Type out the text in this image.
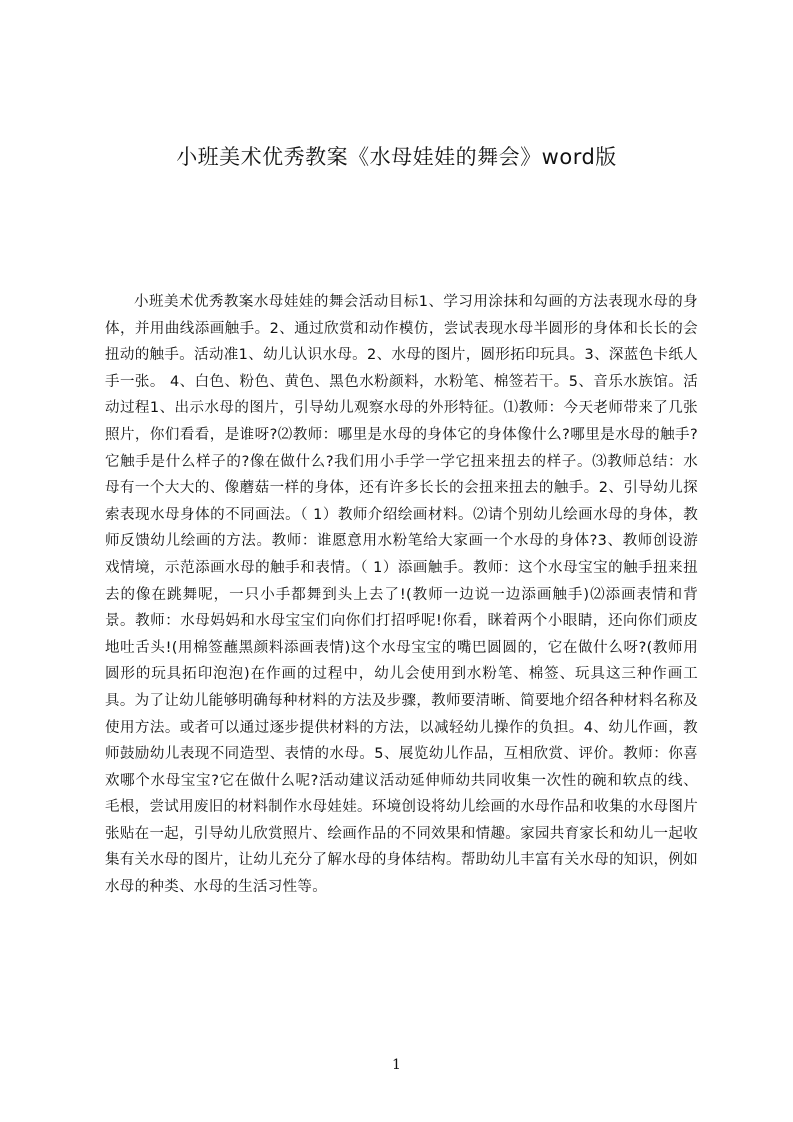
小班美术优秀教案《水母娃娃的舞会》word版

小班美术优秀教案水母娃娃的舞会活动目标1、学习用涂抹和勾画的方法表现水母的身体，并用曲线添画触手。2、通过欣赏和动作模仿，尝试表现水母半圆形的身体和长长的会扭动的触手。活动准1、幼儿认识水母。2、水母的图片，圆形拓印玩具。3、深蓝色卡纸人手一张。 4、白色、粉色、黄色、黑色水粉颜料，水粉笔、棉签若干。5、音乐水族馆。活动过程1、出示水母的图片，引导幼儿观察水母的外形特征。⑴教师：今天老师带来了几张照片，你们看看，是谁呀?⑵教师：哪里是水母的身体它的身体像什么?哪里是水母的触手?它触手是什么样子的?像在做什么?我们用小手学一学它扭来扭去的样子。⑶教师总结：水母有一个大大的、像蘑菇一样的身体，还有许多长长的会扭来扭去的触手。2、引导幼儿探索表现水母身体的不同画法。（ 1）教师介绍绘画材料。⑵请个别幼儿绘画水母的身体，教师反馈幼儿绘画的方法。教师：谁愿意用水粉笔给大家画一个水母的身体?3、教师创设游戏情境，示范添画水母的触手和表情。（ 1）添画触手。教师：这个水母宝宝的触手扭来扭去的像在跳舞呢，一只小手都舞到头上去了!(教师一边说一边添画触手)⑵添画表情和背景。教师：水母妈妈和水母宝宝们向你们打招呼呢!你看，眯着两个小眼睛，还向你们顽皮地吐舌头!(用棉签蘸黑颜料添画表情)这个水母宝宝的嘴巴圆圆的，它在做什么呀?(教师用圆形的玩具拓印泡泡)在作画的过程中，幼儿会使用到水粉笔、棉签、玩具这三种作画工具。为了让幼儿能够明确每种材料的方法及步骤，教师要清晰、简要地介绍各种材料名称及使用方法。或者可以通过逐步提供材料的方法，以减轻幼儿操作的负担。4、幼儿作画，教师鼓励幼儿表现不同造型、表情的水母。5、展览幼儿作品，互相欣赏、评价。教师：你喜欢哪个水母宝宝?它在做什么呢?活动建议活动延伸师幼共同收集一次性的碗和软点的线、毛根，尝试用废旧的材料制作水母娃娃。环境创设将幼儿绘画的水母作品和收集的水母图片张贴在一起，引导幼儿欣赏照片、绘画作品的不同效果和情趣。家园共育家长和幼儿一起收集有关水母的图片，让幼儿充分了解水母的身体结构。帮助幼儿丰富有关水母的知识，例如水母的种类、水母的生活习性等。

1
